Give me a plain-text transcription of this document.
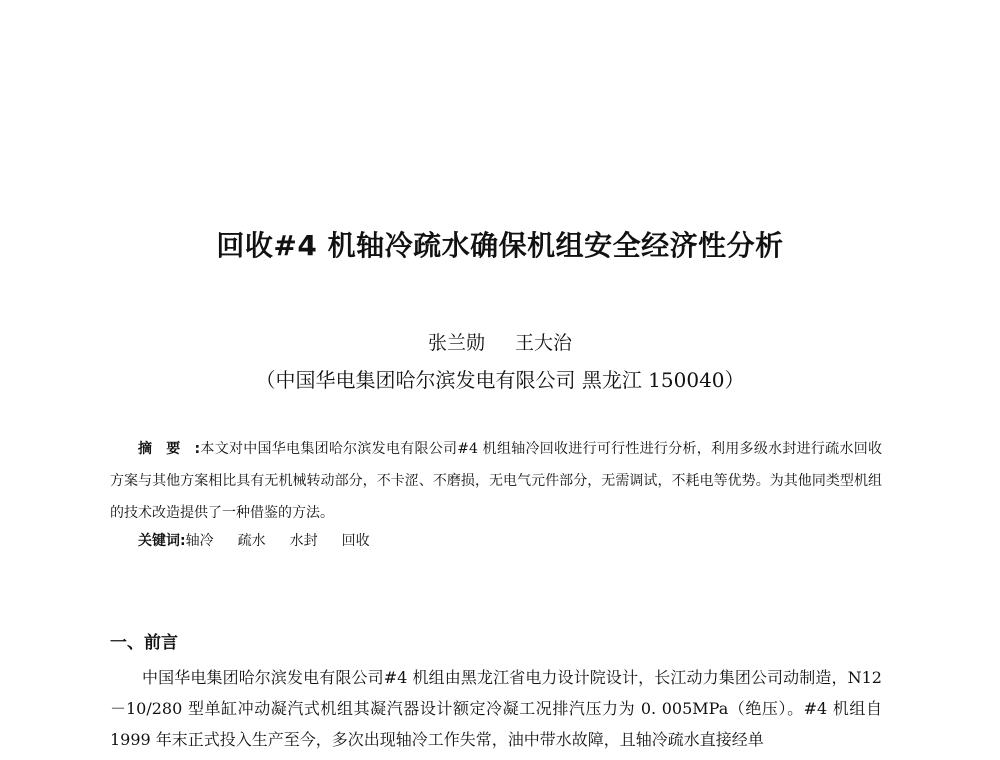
回收#4 机轴冷疏水确保机组安全经济性分析
张兰勋 王大治
（中国华电集团哈尔滨发电有限公司 黑龙江 150040）
摘要:本文对中国华电集团哈尔滨发电有限公司#4 机组轴冷回收进行可行性进行分析，利用多级水封进行疏水回收方案与其他方案相比具有无机械转动部分，不卡涩、不磨损，无电气元件部分，无需调试，不耗电等优势。为其他同类型机组的技术改造提供了一种借鉴的方法。
关键词:轴冷 疏水 水封 回收
一、前言
中国华电集团哈尔滨发电有限公司#4 机组由黑龙江省电力设计院设计，长江动力集团公司动制造，N12－10/280 型单缸冲动凝汽式机组其凝汽器设计额定冷凝工况排汽压力为 0. 005MPa（绝压）。#4 机组自 1999 年末正式投入生产至今，多次出现轴冷工作失常，油中带水故障，且轴冷疏水直接经单
